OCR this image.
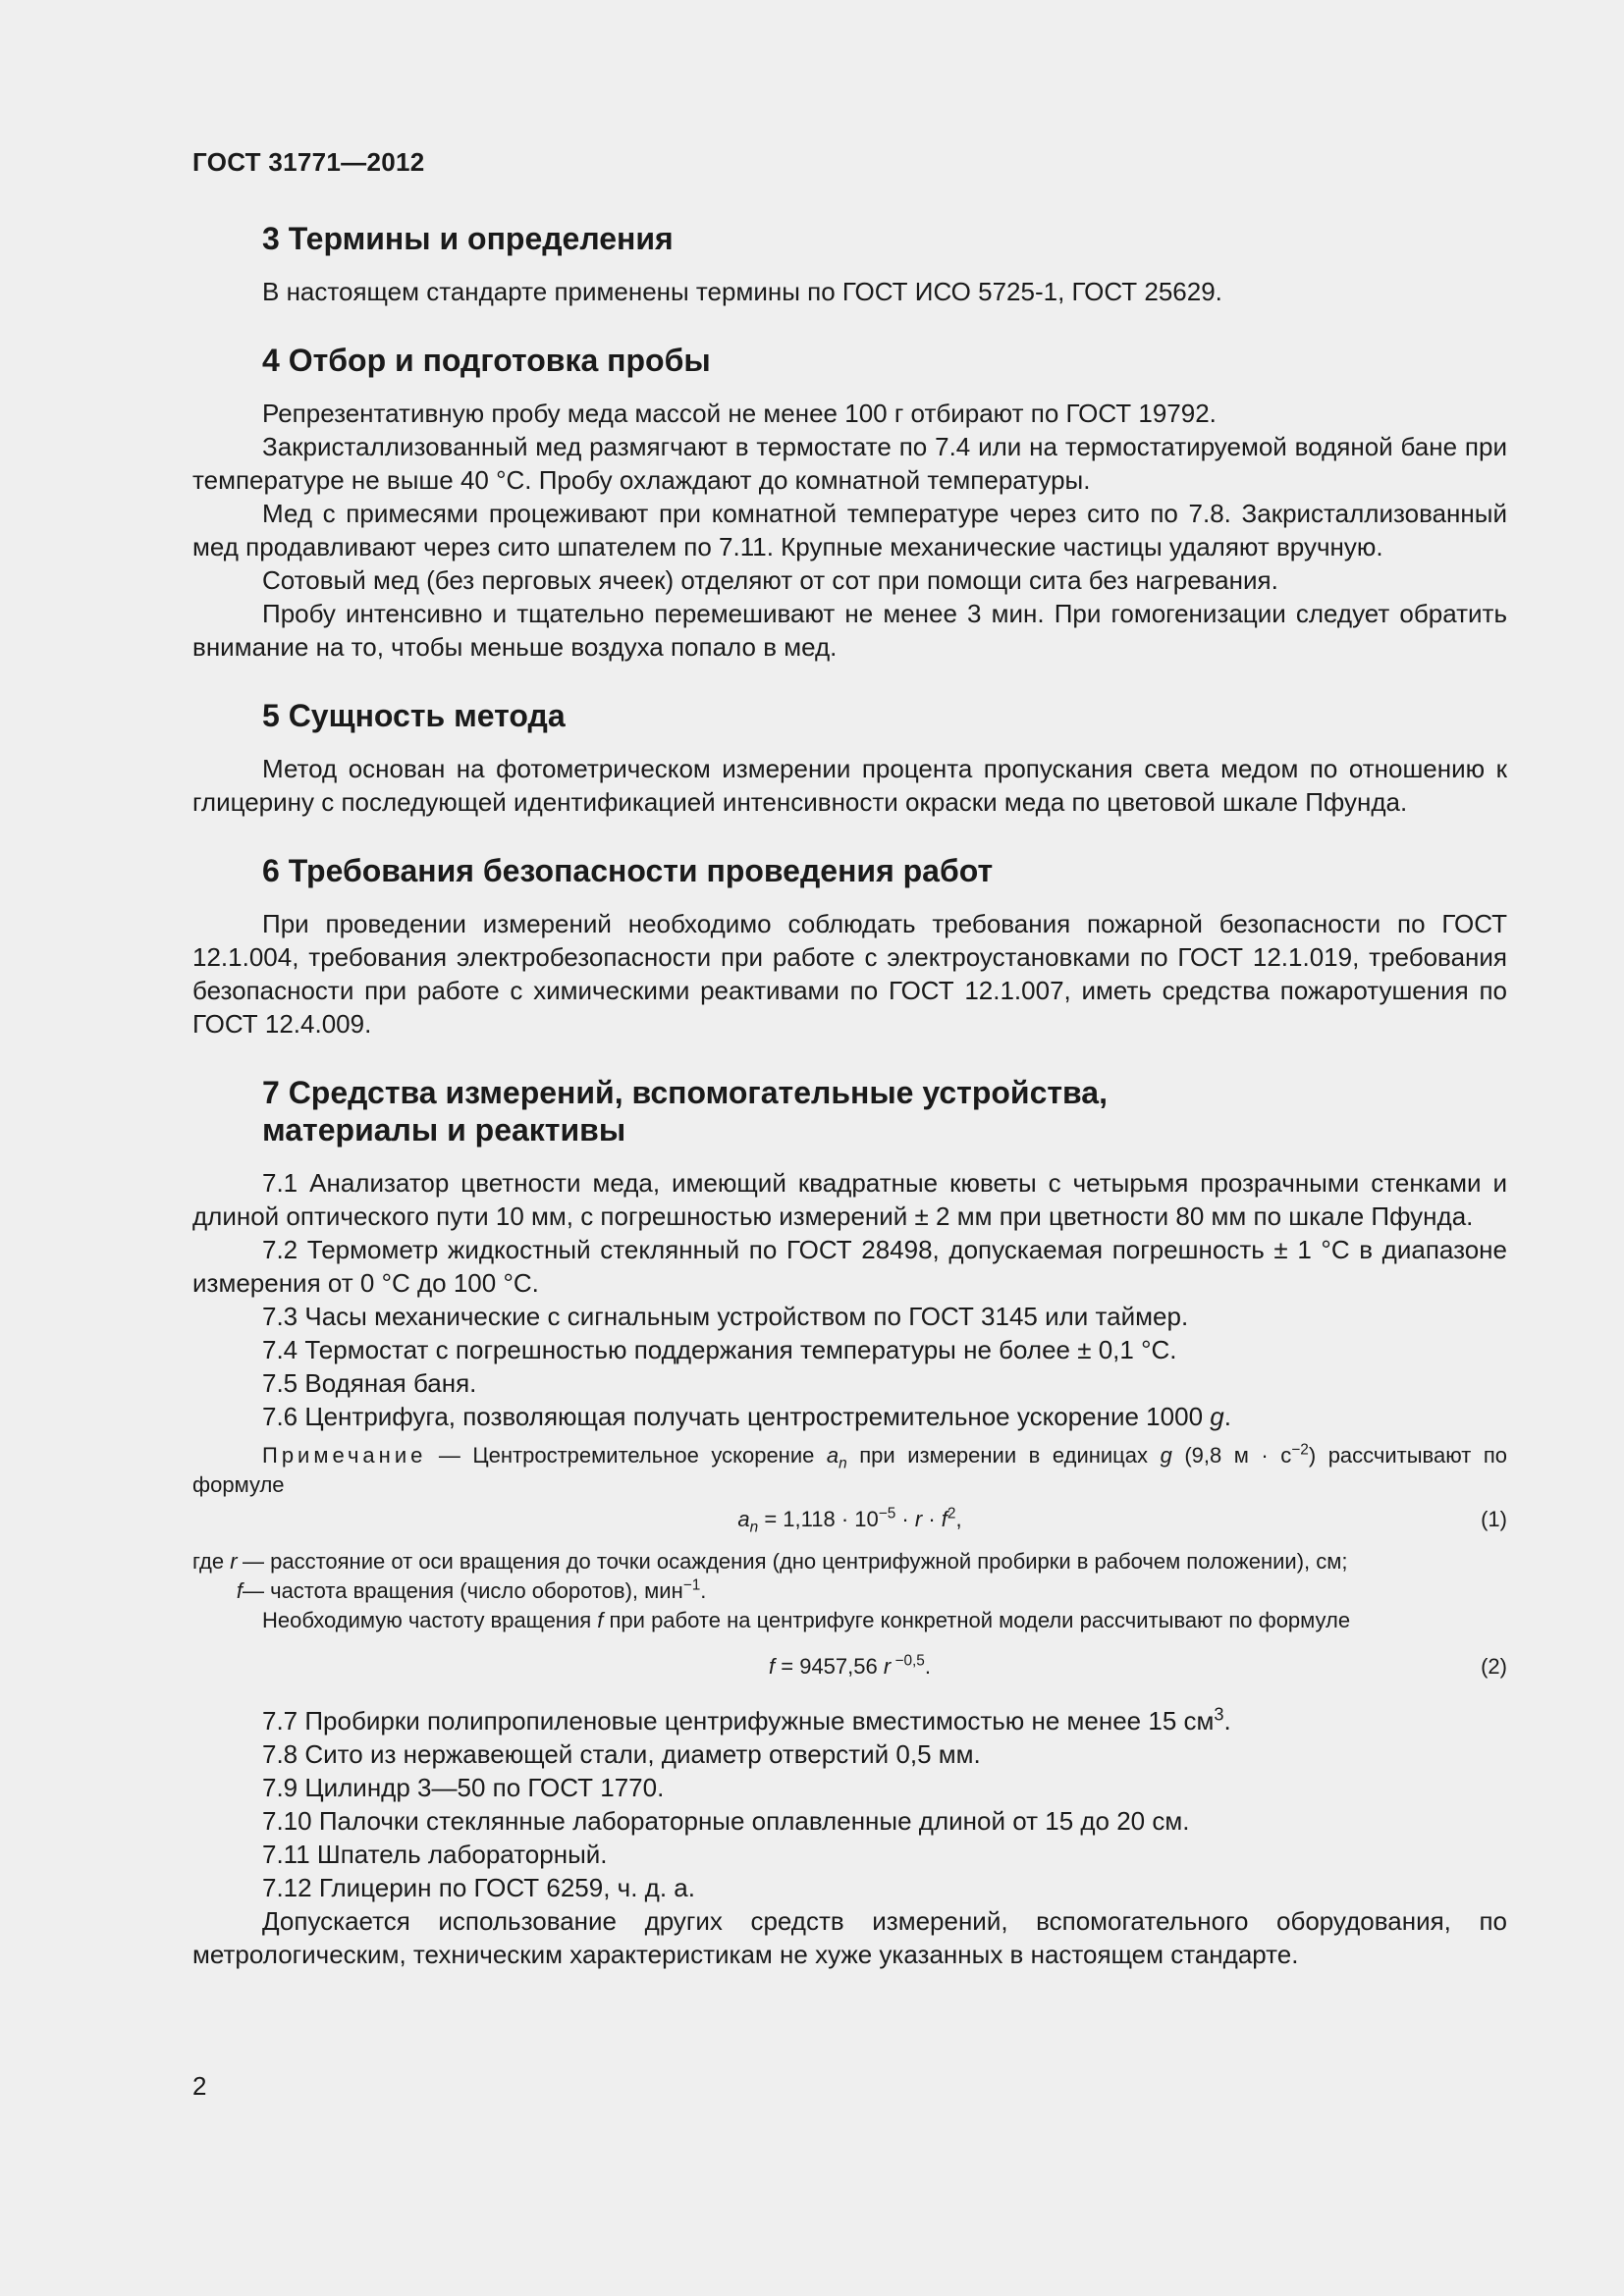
ГОСТ 31771—2012
3 Термины и определения

В настоящем стандарте применены термины по ГОСТ ИСО 5725-1, ГОСТ 25629.

4 Отбор и подготовка пробы

Репрезентативную пробу меда массой не менее 100 г отбирают по ГОСТ 19792.

Закристаллизованный мед размягчают в термостате по 7.4 или на термостатируемой водяной бане при температуре не выше 40 °С. Пробу охлаждают до комнатной температуры.

Мед с примесями процеживают при комнатной температуре через сито по 7.8. Закристаллизованный мед продавливают через сито шпателем по 7.11. Крупные механические частицы удаляют вручную.

Сотовый мед (без перговых ячеек) отделяют от сот при помощи сита без нагревания.

Пробу интенсивно и тщательно перемешивают не менее 3 мин. При гомогенизации следует обратить внимание на то, чтобы меньше воздуха попало в мед.

5 Сущность метода

Метод основан на фотометрическом измерении процента пропускания света медом по отношению к глицерину с последующей идентификацией интенсивности окраски меда по цветовой шкале Пфунда.

6 Требования безопасности проведения работ

При проведении измерений необходимо соблюдать требования пожарной безопасности по ГОСТ 12.1.004, требования электробезопасности при работе с электроустановками по ГОСТ 12.1.019, требования безопасности при работе с химическими реактивами по ГОСТ 12.1.007, иметь средства пожаротушения по ГОСТ 12.4.009.

7 Средства измерений, вспомогательные устройства,
материалы и реактивы

7.1 Анализатор цветности меда, имеющий квадратные кюветы с четырьмя прозрачными стенками и длиной оптического пути 10 мм, с погрешностью измерений ± 2 мм при цветности 80 мм по шкале Пфунда.

7.2 Термометр жидкостный стеклянный по ГОСТ 28498, допускаемая погрешность ± 1 °С в диапазоне измерения от 0 °С до 100 °С.

7.3 Часы механические с сигнальным устройством по ГОСТ 3145 или таймер.

7.4 Термостат с погрешностью поддержания температуры не более ± 0,1 °С.

7.5 Водяная баня.

7.6 Центрифуга, позволяющая получать центростремительное ускорение 1000 g.

Примечание — Центростремительное ускорение $a_n$ при измерении в единицах g (9,8 $м \cdot с^{-2}$) рассчитывают по формуле

$a_n = 1,118 \cdot 10^{-5} \cdot r \cdot f^2$,	(1)
где r — расстояние от оси вращения до точки осаждения (дно центрифужной пробирки в рабочем положении), см;
f — частота вращения (число оборотов), мин$^{-1}$.

Необходимую частоту вращения f при работе на центрифуге конкретной модели рассчитывают по формуле

f = 9457,56 r $^{-0,5}$.	(2)

7.7 Пробирки полипропиленовые центрифужные вместимостью не менее 15 $см^3$.

7.8 Сито из нержавеющей стали, диаметр отверстий 0,5 мм.

7.9 Цилиндр 3—50 по ГОСТ 1770.

7.10 Палочки стеклянные лабораторные оплавленные длиной от 15 до 20 см.

7.11 Шпатель лабораторный.

7.12 Глицерин по ГОСТ 6259, ч. д. а.

Допускается использование других средств измерений, вспомогательного оборудования, по метрологическим, техническим характеристикам не хуже указанных в настоящем стандарте.

2
